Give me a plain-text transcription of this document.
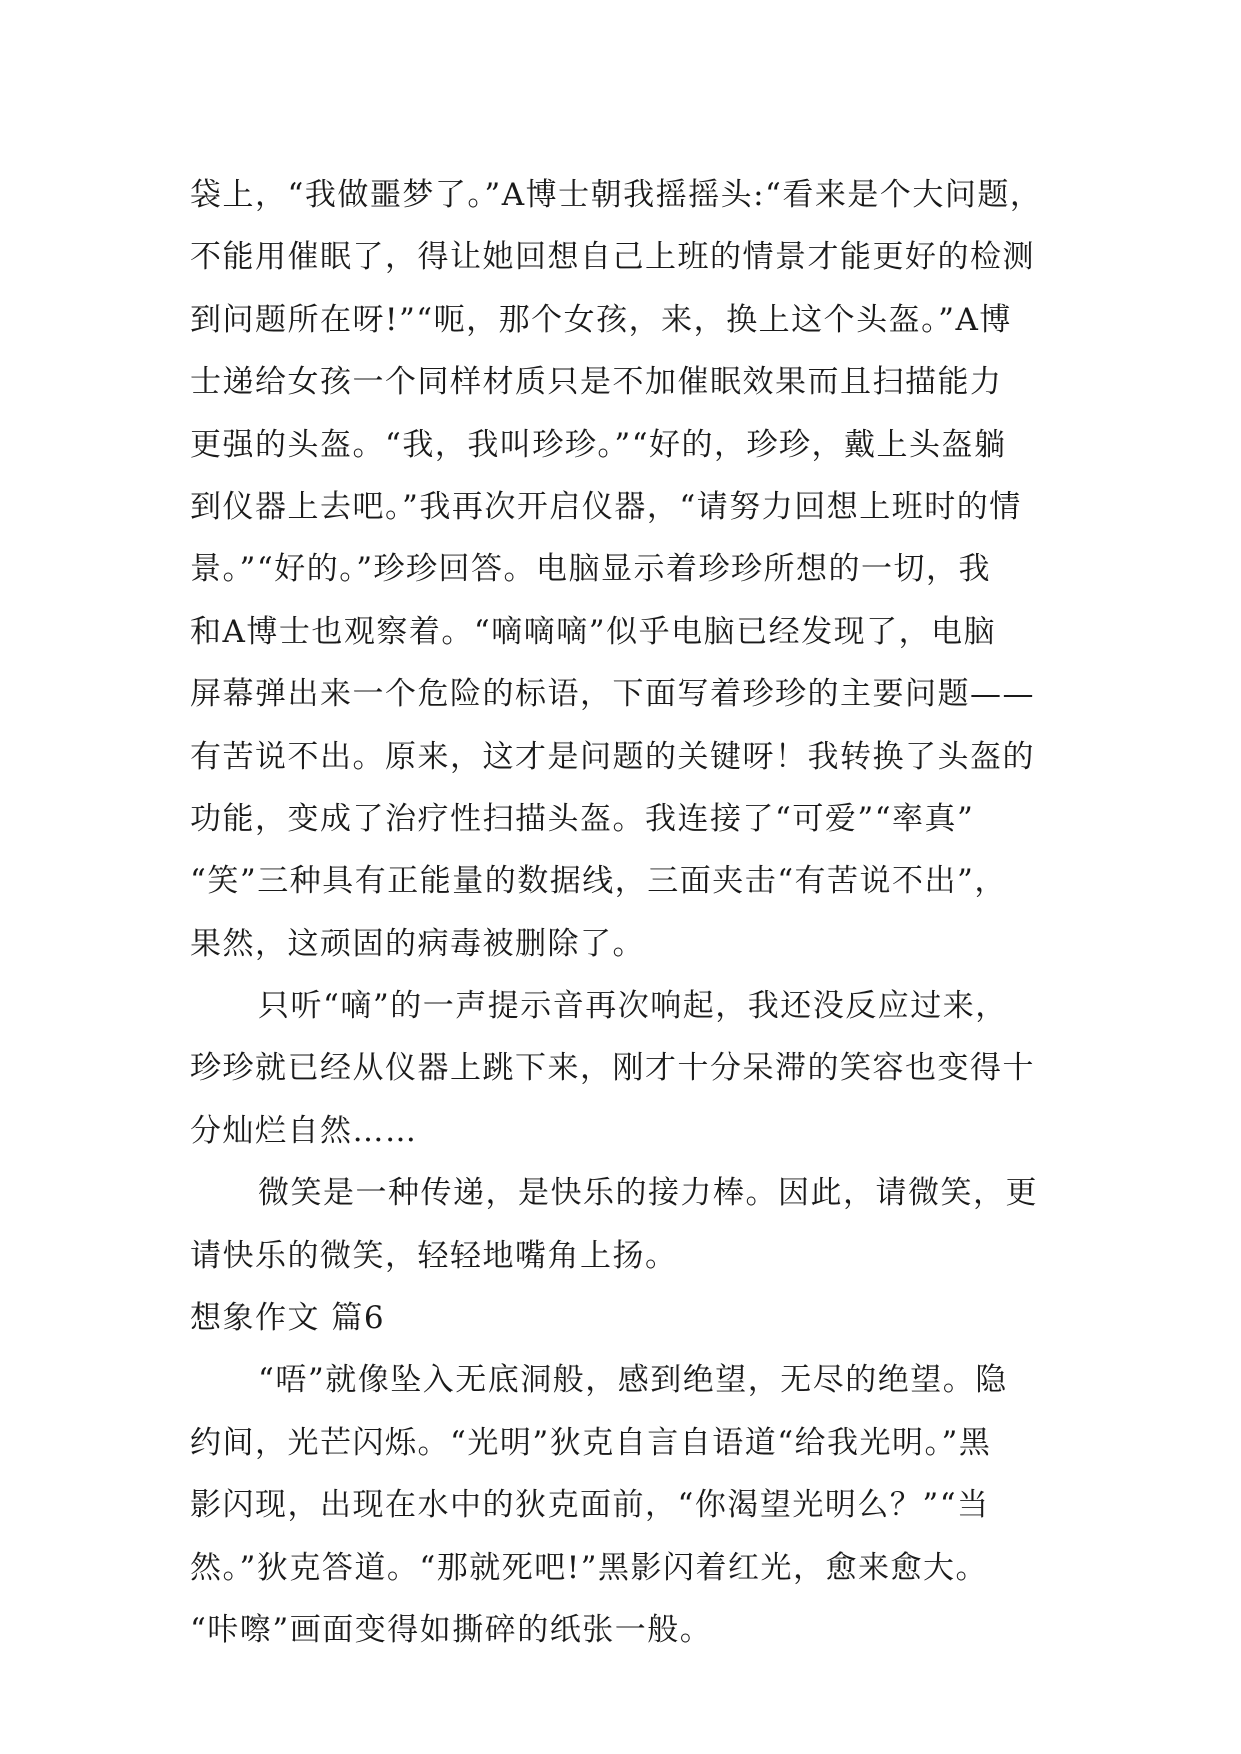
袋上，“我做噩梦了。”A博士朝我摇摇头:“看来是个大问题，
不能用催眠了，得让她回想自己上班的情景才能更好的检测
到问题所在呀!”“呃，那个女孩，来，换上这个头盔。”A博
士递给女孩一个同样材质只是不加催眠效果而且扫描能力
更强的头盔。“我，我叫珍珍。”“好的，珍珍，戴上头盔躺
到仪器上去吧。”我再次开启仪器，“请努力回想上班时的情
景。”“好的。”珍珍回答。电脑显示着珍珍所想的一切，我
和A博士也观察着。“嘀嘀嘀”似乎电脑已经发现了，电脑
屏幕弹出来一个危险的标语，下面写着珍珍的主要问题——
有苦说不出。原来，这才是问题的关键呀！我转换了头盔的
功能，变成了治疗性扫描头盔。我连接了“可爱”“率真”
“笑”三种具有正能量的数据线，三面夹击“有苦说不出”，
果然，这顽固的病毒被删除了。
只听“嘀”的一声提示音再次响起，我还没反应过来，
珍珍就已经从仪器上跳下来，刚才十分呆滞的笑容也变得十
分灿烂自然……
微笑是一种传递，是快乐的接力棒。因此，请微笑，更
请快乐的微笑，轻轻地嘴角上扬。
想象作文 篇6
“唔”就像坠入无底洞般，感到绝望，无尽的绝望。隐
约间，光芒闪烁。“光明”狄克自言自语道“给我光明。”黑
影闪现，出现在水中的狄克面前，“你渴望光明么？”“当
然。”狄克答道。“那就死吧!”黑影闪着红光，愈来愈大。
“咔嚓”画面变得如撕碎的纸张一般。
